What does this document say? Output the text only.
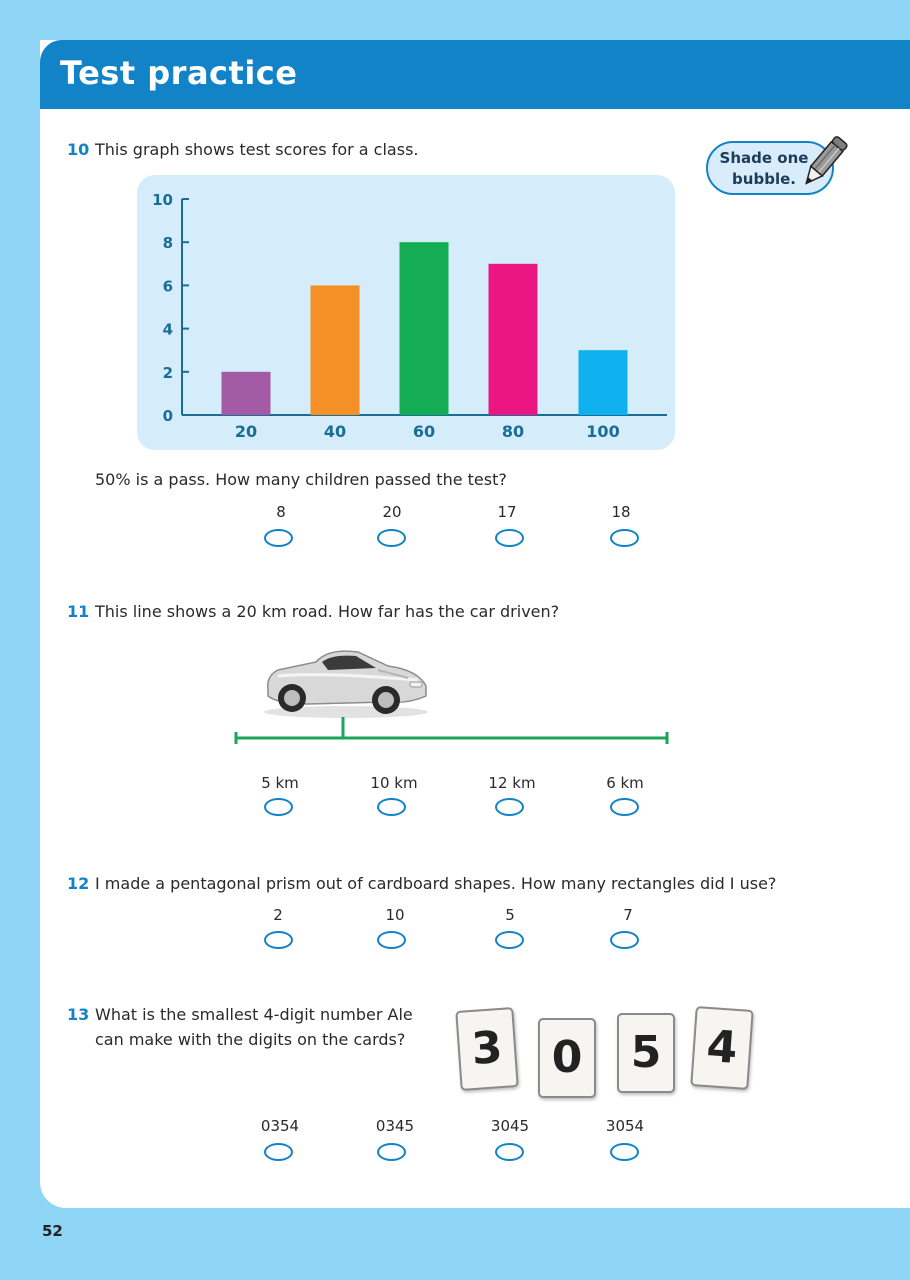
Test practice
Shade one
bubble.
10 This graph shows test scores for a class.
0
2
4
6
8
10
20	40	60	80	100
50% is a pass. How many children passed the test?
8	20	17	18
11 This line shows a 20 km road. How far has the car driven?
5 km	10 km	12 km	6 km
12 I made a pentagonal prism out of cardboard shapes. How many rectangles did I use?
2	10	5	7
13 What is the smallest 4-digit number Ale
can make with the digits on the cards?	3	0	5 4
0354	0345	3045	3054
52
